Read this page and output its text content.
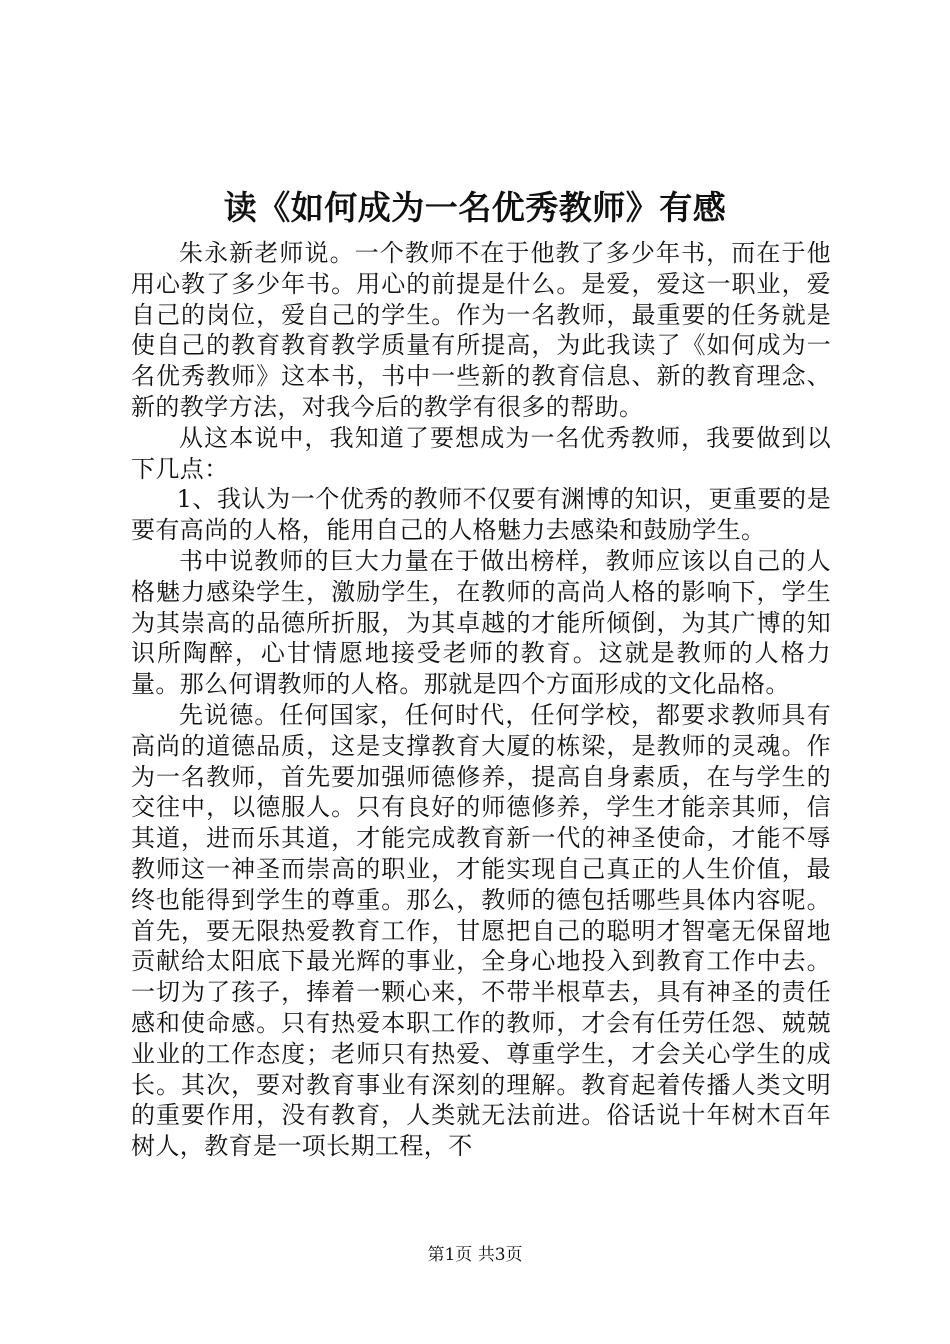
读《如何成为一名优秀教师》有感

朱永新老师说。一个教师不在于他教了多少年书，而在于他用心教了多少年书。用心的前提是什么。是爱，爱这一职业，爱自己的岗位，爱自己的学生。作为一名教师，最重要的任务就是使自己的教育教育教学质量有所提高，为此我读了《如何成为一名优秀教师》这本书，书中一些新的教育信息、新的教育理念、新的教学方法，对我今后的教学有很多的帮助。

从这本说中，我知道了要想成为一名优秀教师，我要做到以下几点：

1、我认为一个优秀的教师不仅要有渊博的知识，更重要的是要有高尚的人格，能用自己的人格魅力去感染和鼓励学生。

书中说教师的巨大力量在于做出榜样，教师应该以自己的人格魅力感染学生，激励学生，在教师的高尚人格的影响下，学生为其崇高的品德所折服，为其卓越的才能所倾倒，为其广博的知识所陶醉，心甘情愿地接受老师的教育。这就是教师的人格力量。那么何谓教师的人格。那就是四个方面形成的文化品格。

先说德。任何国家，任何时代，任何学校，都要求教师具有高尚的道德品质，这是支撑教育大厦的栋梁，是教师的灵魂。作为一名教师，首先要加强师德修养，提高自身素质，在与学生的交往中，以德服人。只有良好的师德修养，学生才能亲其师，信其道，进而乐其道，才能完成教育新一代的神圣使命，才能不辱教师这一神圣而崇高的职业，才能实现自己真正的人生价值，最终也能得到学生的尊重。那么，教师的德包括哪些具体内容呢。首先，要无限热爱教育工作，甘愿把自己的聪明才智毫无保留地贡献给太阳底下最光辉的事业，全身心地投入到教育工作中去。一切为了孩子，捧着一颗心来，不带半根草去，具有神圣的责任感和使命感。只有热爱本职工作的教师，才会有任劳任怨、兢兢业业的工作态度；老师只有热爱、尊重学生，才会关心学生的成长。其次，要对教育事业有深刻的理解。教育起着传播人类文明的重要作用，没有教育，人类就无法前进。俗话说十年树木百年树人，教育是一项长期工程，不

第1页 共3页
